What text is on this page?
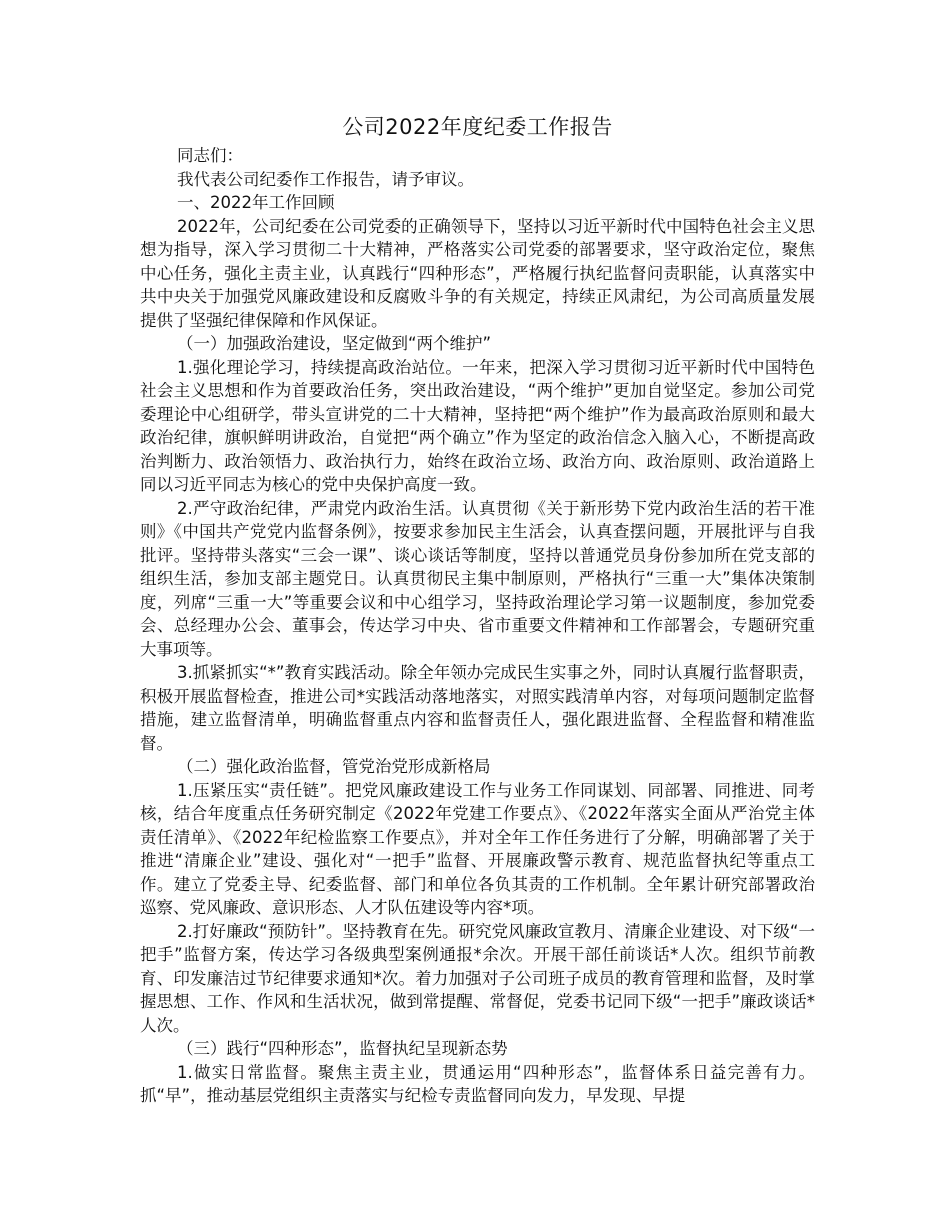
公司2022年度纪委工作报告

同志们：

我代表公司纪委作工作报告，请予审议。

一、2022年工作回顾

2022年，公司纪委在公司党委的正确领导下，坚持以习近平新时代中国特色社会主义思想为指导，深入学习贯彻二十大精神，严格落实公司党委的部署要求，坚守政治定位，聚焦中心任务，强化主责主业，认真践行“四种形态”，严格履行执纪监督问责职能，认真落实中共中央关于加强党风廉政建设和反腐败斗争的有关规定，持续正风肃纪，为公司高质量发展提供了坚强纪律保障和作风保证。

（一）加强政治建设，坚定做到“两个维护”

1.强化理论学习，持续提高政治站位。一年来，把深入学习贯彻习近平新时代中国特色社会主义思想和作为首要政治任务，突出政治建设，“两个维护”更加自觉坚定。参加公司党委理论中心组研学，带头宣讲党的二十大精神，坚持把“两个维护”作为最高政治原则和最大政治纪律，旗帜鲜明讲政治，自觉把“两个确立”作为坚定的政治信念入脑入心，不断提高政治判断力、政治领悟力、政治执行力，始终在政治立场、政治方向、政治原则、政治道路上同以习近平同志为核心的党中央保护高度一致。

2.严守政治纪律，严肃党内政治生活。认真贯彻《关于新形势下党内政治生活的若干准则》《中国共产党党内监督条例》，按要求参加民主生活会，认真查摆问题，开展批评与自我批评。坚持带头落实“三会一课”、谈心谈话等制度，坚持以普通党员身份参加所在党支部的组织生活，参加支部主题党日。认真贯彻民主集中制原则，严格执行“三重一大”集体决策制度，列席“三重一大”等重要会议和中心组学习，坚持政治理论学习第一议题制度，参加党委会、总经理办公会、董事会，传达学习中央、省市重要文件精神和工作部署会，专题研究重大事项等。

3.抓紧抓实“*”教育实践活动。除全年领办完成民生实事之外，同时认真履行监督职责，积极开展监督检查，推进公司*实践活动落地落实，对照实践清单内容，对每项问题制定监督措施，建立监督清单，明确监督重点内容和监督责任人，强化跟进监督、全程监督和精准监督。

（二）强化政治监督，管党治党形成新格局

1.压紧压实“责任链”。把党风廉政建设工作与业务工作同谋划、同部署、同推进、同考核，结合年度重点任务研究制定《2022年党建工作要点》、《2022年落实全面从严治党主体责任清单》、《2022年纪检监察工作要点》，并对全年工作任务进行了分解，明确部署了关于推进“清廉企业”建设、强化对“一把手”监督、开展廉政警示教育、规范监督执纪等重点工作。建立了党委主导、纪委监督、部门和单位各负其责的工作机制。全年累计研究部署政治巡察、党风廉政、意识形态、人才队伍建设等内容*项。

2.打好廉政“预防针”。坚持教育在先。研究党风廉政宣教月、清廉企业建设、对下级“一把手”监督方案，传达学习各级典型案例通报*余次。开展干部任前谈话*人次。组织节前教育、印发廉洁过节纪律要求通知*次。着力加强对子公司班子成员的教育管理和监督，及时掌握思想、工作、作风和生活状况，做到常提醒、常督促，党委书记同下级“一把手”廉政谈话*人次。

（三）践行“四种形态”，监督执纪呈现新态势

1.做实日常监督。聚焦主责主业，贯通运用“四种形态”，监督体系日益完善有力。抓“早”，推动基层党组织主责落实与纪检专责监督同向发力，早发现、早提
